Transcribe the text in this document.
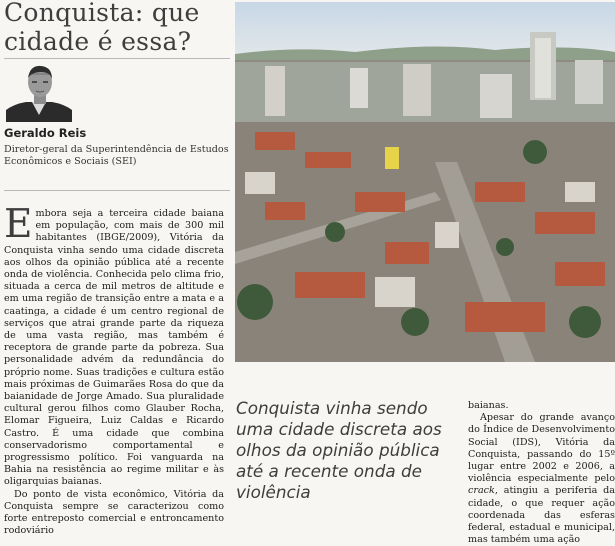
Conquista: que
cidade é essa?
Geraldo Reis
Diretor-geral da Superintendência de Estudos Econômicos e Sociais (SEI)

Embora seja a terceira cidade baiana em população, com mais de 300 mil habitantes (IBGE/2009), Vitória da Conquista vinha sendo uma cidade discreta aos olhos da opinião pública até a recente onda de violência. Conhecida pelo clima frio, situada a cerca de mil metros de altitude e em uma região de transição entre a mata e a caatinga, a cidade é um centro regional de serviços que atrai grande parte da riqueza de uma vasta região, mas também é receptora de grande parte da pobreza. Sua personalidade advém da redundância do próprio nome. Suas tradições e cultura estão mais próximas de Guimarães Rosa do que da baianidade de Jorge Amado. Sua pluralidade cultural gerou filhos como Glauber Rocha, Elomar Figueira, Luiz Caldas e Ricardo Castro. É uma cidade que combina conservadorismo comportamental e progressismo político. Foi vanguarda na Bahia na resistência ao regime militar e às oligarquias baianas.

Do ponto de vista econômico, Vitória da Conquista sempre se caracterizou como forte entreposto comercial e entroncamento rodoviário

Conquista vinha sendo uma cidade discreta aos olhos da opinião pública até a recente onda de violência

baianas.

Apesar do grande avanço do Índice de Desenvolvimento Social (IDS), Vitória da Conquista, passando do 15º lugar entre 2002 e 2006, a violência especialmente pelo crack, atingiu a periferia da cidade, o que requer ação coordenada das esferas federal, estadual e municipal, mas também uma ação
